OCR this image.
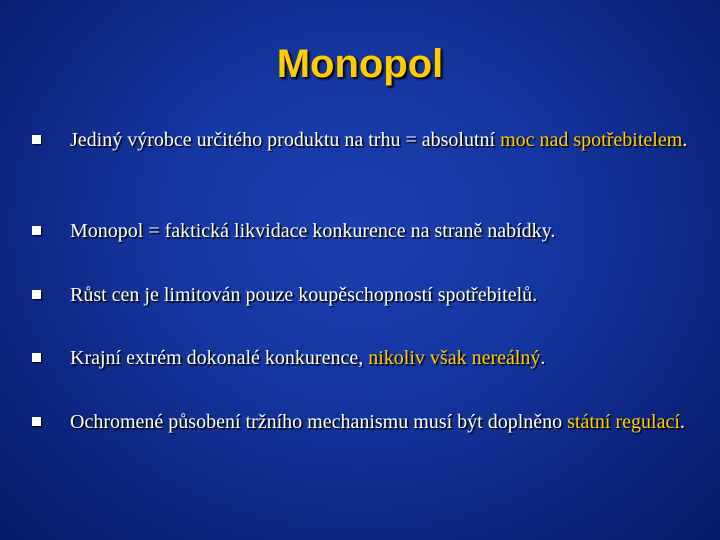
Monopol
Jediný výrobce určitého produktu na trhu = absolutní moc nad spotřebitelem.
Monopol = faktická likvidace konkurence na straně nabídky.
Růst cen je limitován pouze koupěschopností spotřebitelů.
Krajní extrém dokonalé konkurence, nikoliv však nereálný.
Ochromené působení tržního mechanismu musí být doplněno státní regulací.
